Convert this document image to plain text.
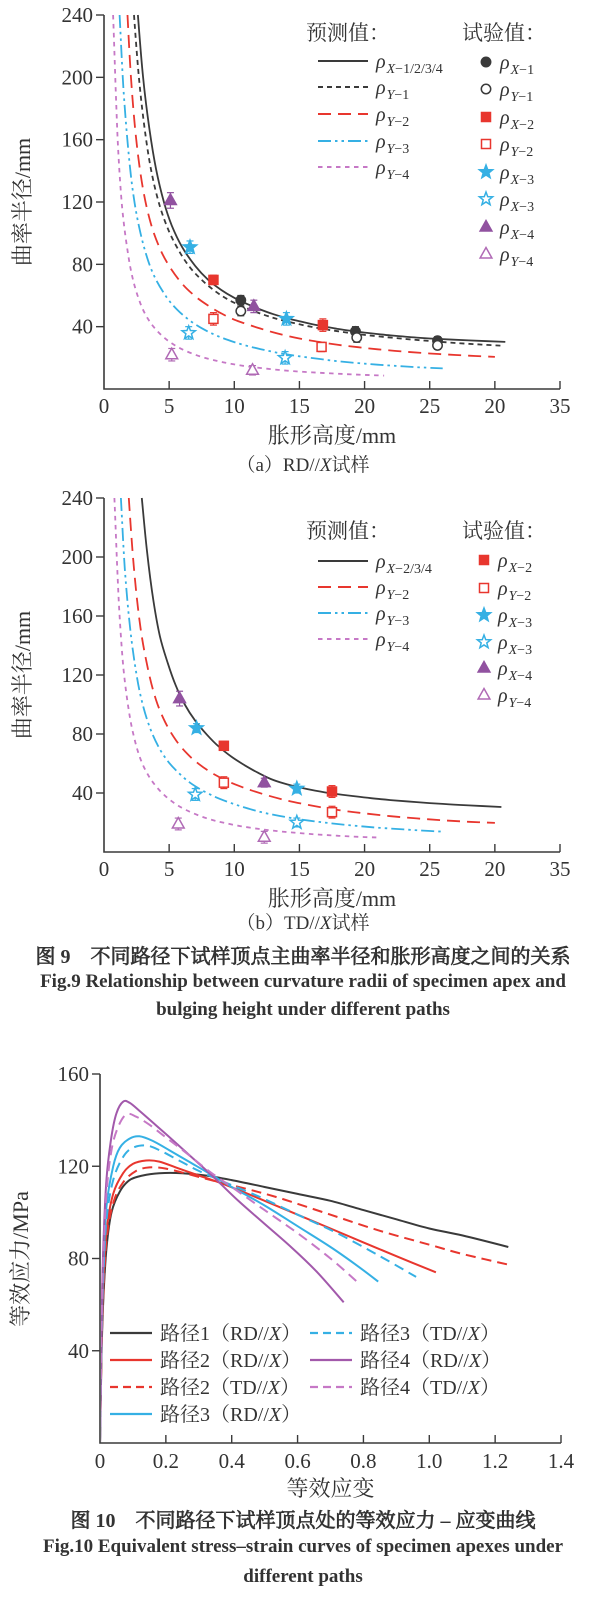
40
80
120
160
200
240
0	5 10 15 20 25 20 35
胀形高度/mm
曲率半径/mm
预测值：
$\rho_X-1/2/3/4$
$\rho_Y-1$
$\rho_Y-2$
$\rho_Y-3$
$\rho_Y-4$
试验值：
$\rho_X-1$
$\rho_Y-1$
$\rho_X-2$
$\rho_Y-2$
$\rho_X-3$
$\rho_X-3$
$\rho_X-4$
$\rho_Y-4$
（a）RD//X试样
40
80
120
160
200
240
0	5 10 15 20 25 20 35
胀形高度/mm
曲率半径/mm
预测值：
$\rho_X-2/3/4$
$\rho_Y-2$
$\rho_Y-3$
$\rho_Y-4$
试验值：
$\rho_X-2$
$\rho_Y-2$
$\rho_X-3$
$\rho_X-3$
$\rho_X-4$
$\rho_Y-4$
（b）TD//X试样
图 9　不同路径下试样顶点主曲率半径和胀形高度之间的关系
Fig.9 Relationship between curvature radii of specimen apex and
bulging height under different paths
40
80
120
160
0 0.2 0.4 0.6 0.8 1.0 1.2 1.4
等效应变
等效应力/MPa
路径1（RD//X）
路径2（RD//X）
路径2（TD//X）
路径3（RD//X）
路径3（TD//X）
路径4（RD//X）
路径4（TD//X）
图 10　不同路径下试样顶点处的等效应力 – 应变曲线
Fig.10 Equivalent stress–strain curves of specimen apexes under
different paths
